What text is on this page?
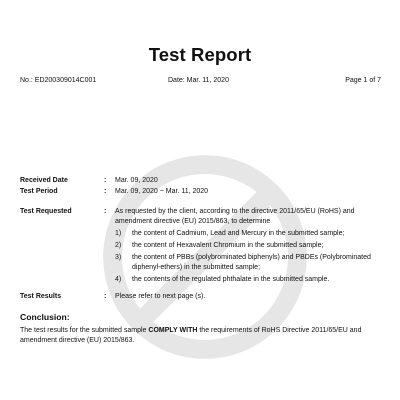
Test Report
No.: ED200309014C001	Date: Mar. 11, 2020	Page 1 of 7
Received Date	: Mar. 09, 2020
Test Period	: Mar. 09, 2020 ~ Mar. 11, 2020
Test Requested	: As requested by the client, according to the directive 2011/65/EU (RoHS) and amendment directive (EU) 2015/863, to determine
1) the content of Cadmium, Lead and Mercury in the submitted sample;
2) the content of Hexavalent Chromium in the submitted sample;
3) the content of PBBs (polybrominated biphenyls) and PBDEs (Polybrominated diphenyl-ethers) in the submitted sample;
4) the contents of the regulated phthalate in the submitted sample.
Test Results	: Please refer to next page (s).
Conclusion:
The test results for the submitted sample COMPLY WITH the requirements of RoHS Directive 2011/65/EU and amendment directive (EU) 2015/863.
